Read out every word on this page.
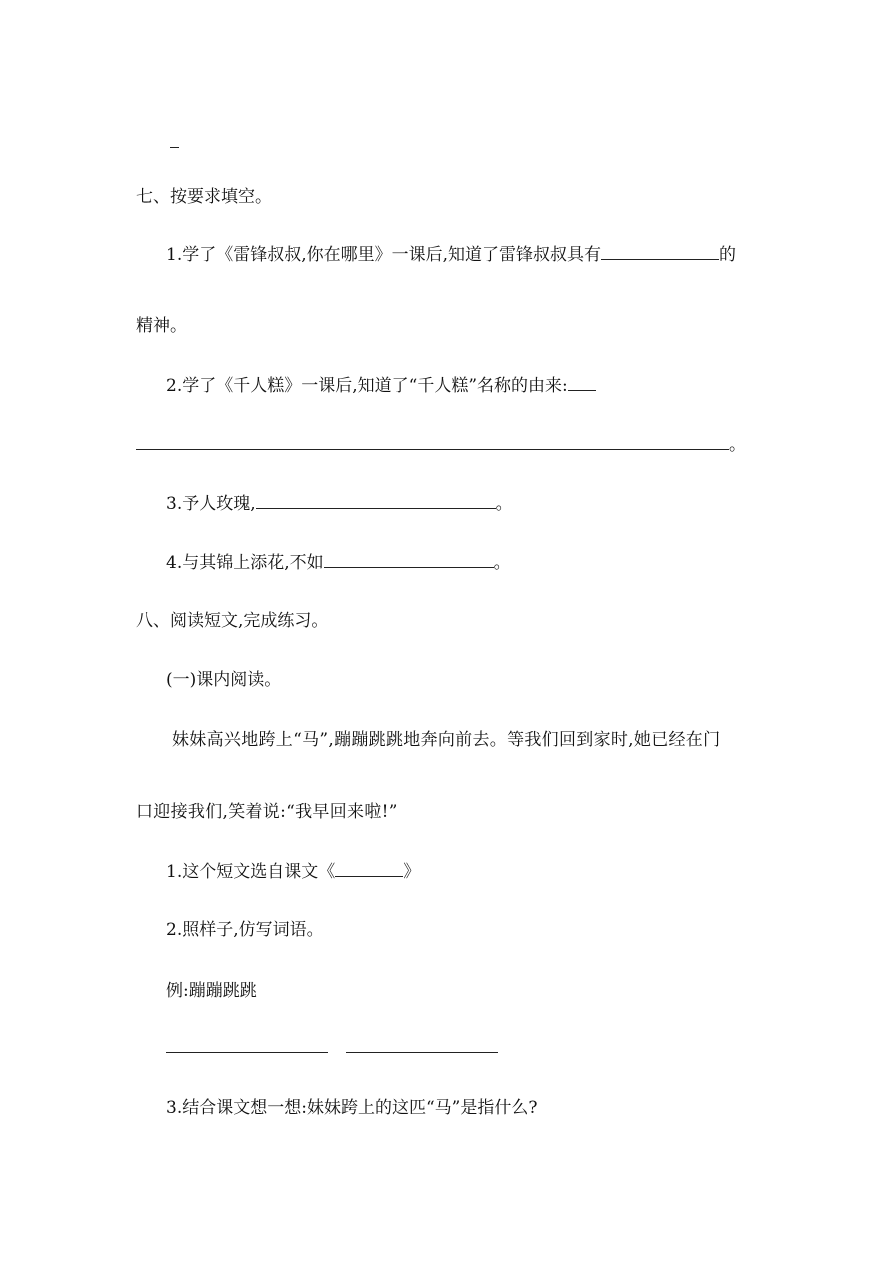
七、按要求填空。
1.学了《雷锋叔叔,你在哪里》一课后,知道了雷锋叔叔具有	的
精神。
2.学了《千人糕》一课后,知道了“千人糕”名称的由来:
。
3.予人玫瑰,	。
4.与其锦上添花,不如	。
八、阅读短文,完成练习。
(一)课内阅读。
妹妹高兴地跨上“马”,蹦蹦跳跳地奔向前去。等我们回到家时,她已经在门
口迎接我们,笑着说:“我早回来啦!”
1.这个短文选自课文《	》
2.照样子,仿写词语。
例:蹦蹦跳跳
3.结合课文想一想:妹妹跨上的这匹“马”是指什么?
